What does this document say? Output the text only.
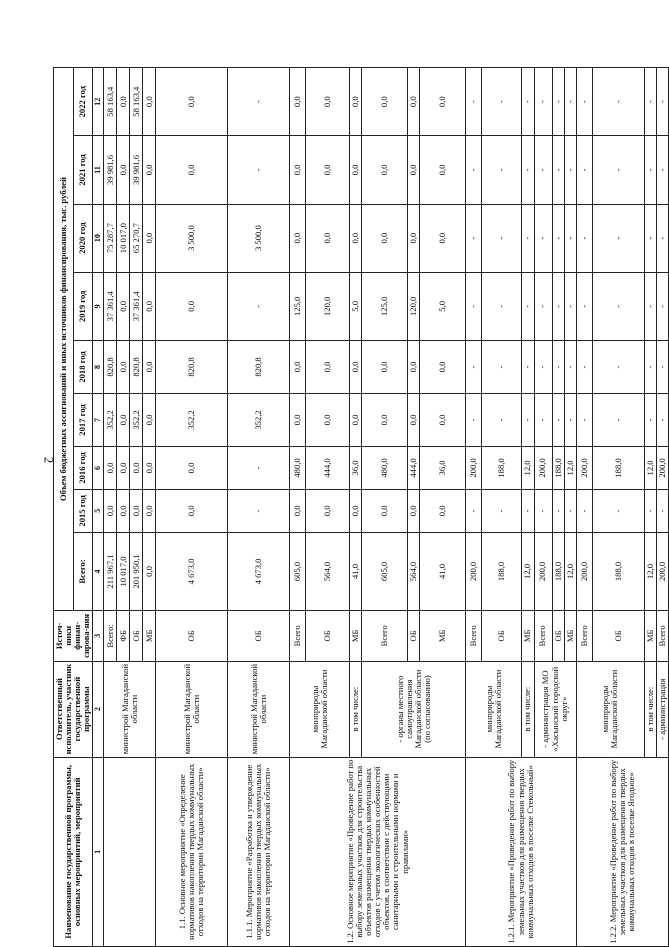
2
Наименование государственной программы, основных мероприятий, мероприятий	Ответственный исполнитель, участник государственной программы	Источ-ники финан-сирова-ния	Объем бюджетных ассигнований и иных источников финансирования, тыс. рублей								
			Всего:	2015 год	2016 год	2017 год	2018 год	2019 год	2020 год	2021 год	2022 год
1	2	3	4	5	6	7	8	9	10	11	12
	министрой Магаданской области	Всего:	211 967,1	0,0	0,0	352,2	820,8	37 361,4	75 287,7	39 981,6	58 163,4
		ФБ	10 017,0	0,0	0,0	0,0	0,0	0,0	10 017,0	0,0	0,0
		ОБ	201 950,1	0,0	0,0	352,2	820,8	37 361,4	65 270,7	39 981,6	58 163,4
		МБ	0,0	0,0	0,0	0,0	0,0	0,0	0,0	0,0	0,0
1.1. Основное мероприятие «Определение нормативов накопления твердых коммунальных отходов на территории Магаданской области»	министрой Магаданской области	ОБ	4 673,0	0,0	0,0	352,2	820,8	0,0	3 500,0	0,0	0,0
1.1.1. Мероприятие «Разработка и утверждение нормативов накопления твердых коммунальных отходов на территории Магаданской области»	министрой Магаданской области	ОБ	4 673,0	-	-	352,2	820,8	-	3 500,0	-	-
1.2. Основное мероприятие «Проведение работ по выбору земельных участков для строительства объектов размещения твердых коммунальных отходов с учетом экологических особенностей объектов, в соответствии с действующими санитарными и строительными нормами и правилами»	минприроды Магаданской области	Всего	605,0	0,0	480,0	0,0	0,0	125,0	0,0	0,0	0,0
		ОБ	564,0	0,0	444,0	0,0	0,0	120,0	0,0	0,0	0,0
	в том числе:	МБ	41,0	0,0	36,0	0,0	0,0	5,0	0,0	0,0	0,0
	- органы местного самоуправления Магаданской области (по согласованию)	Всего	605,0	0,0	480,0	0,0	0,0	125,0	0,0	0,0	0,0
		ОБ	564,0	0,0	444,0	0,0	0,0	120,0	0,0	0,0	0,0
		МБ	41,0	0,0	36,0	0,0	0,0	5,0	0,0	0,0	0,0
1.2.1. Мероприятие «Проведение работ по выбору земельных участков для размещения твердых коммунальных отходов в поселке Стекольный»	минприроды Магаданской области	Всего	200,0	-	200,0	-	-	-	-	-	-
		ОБ	188,0	-	188,0	-	-	-	-	-	-
	в том числе:	МБ	12,0	-	12,0	-	-	-	-	-	-
	- администрация МО «Хасынский городской округ»	Всего	200,0	-	200,0	-	-	-	-	-	-
		ОБ	188,0	-	188,0	-	-	-	-	-	-
		МБ	12,0	-	12,0	-	-	-	-	-	-
1.2.2. Мероприятие «Проведение работ по выбору земельных участков для размещения твердых коммунальных отходов в поселке Ягодное»	минприроды Магаданской области	Всего	200,0	-	200,0	-	-	-	-	-	-
		ОБ	188,0	-	188,0	-	-	-	-	-	-
	в том числе:	МБ	12,0	-	12,0	-	-	-	-	-	-
	- администрация	Всего	200,0	-	200,0	-	-	-	-	-	-
